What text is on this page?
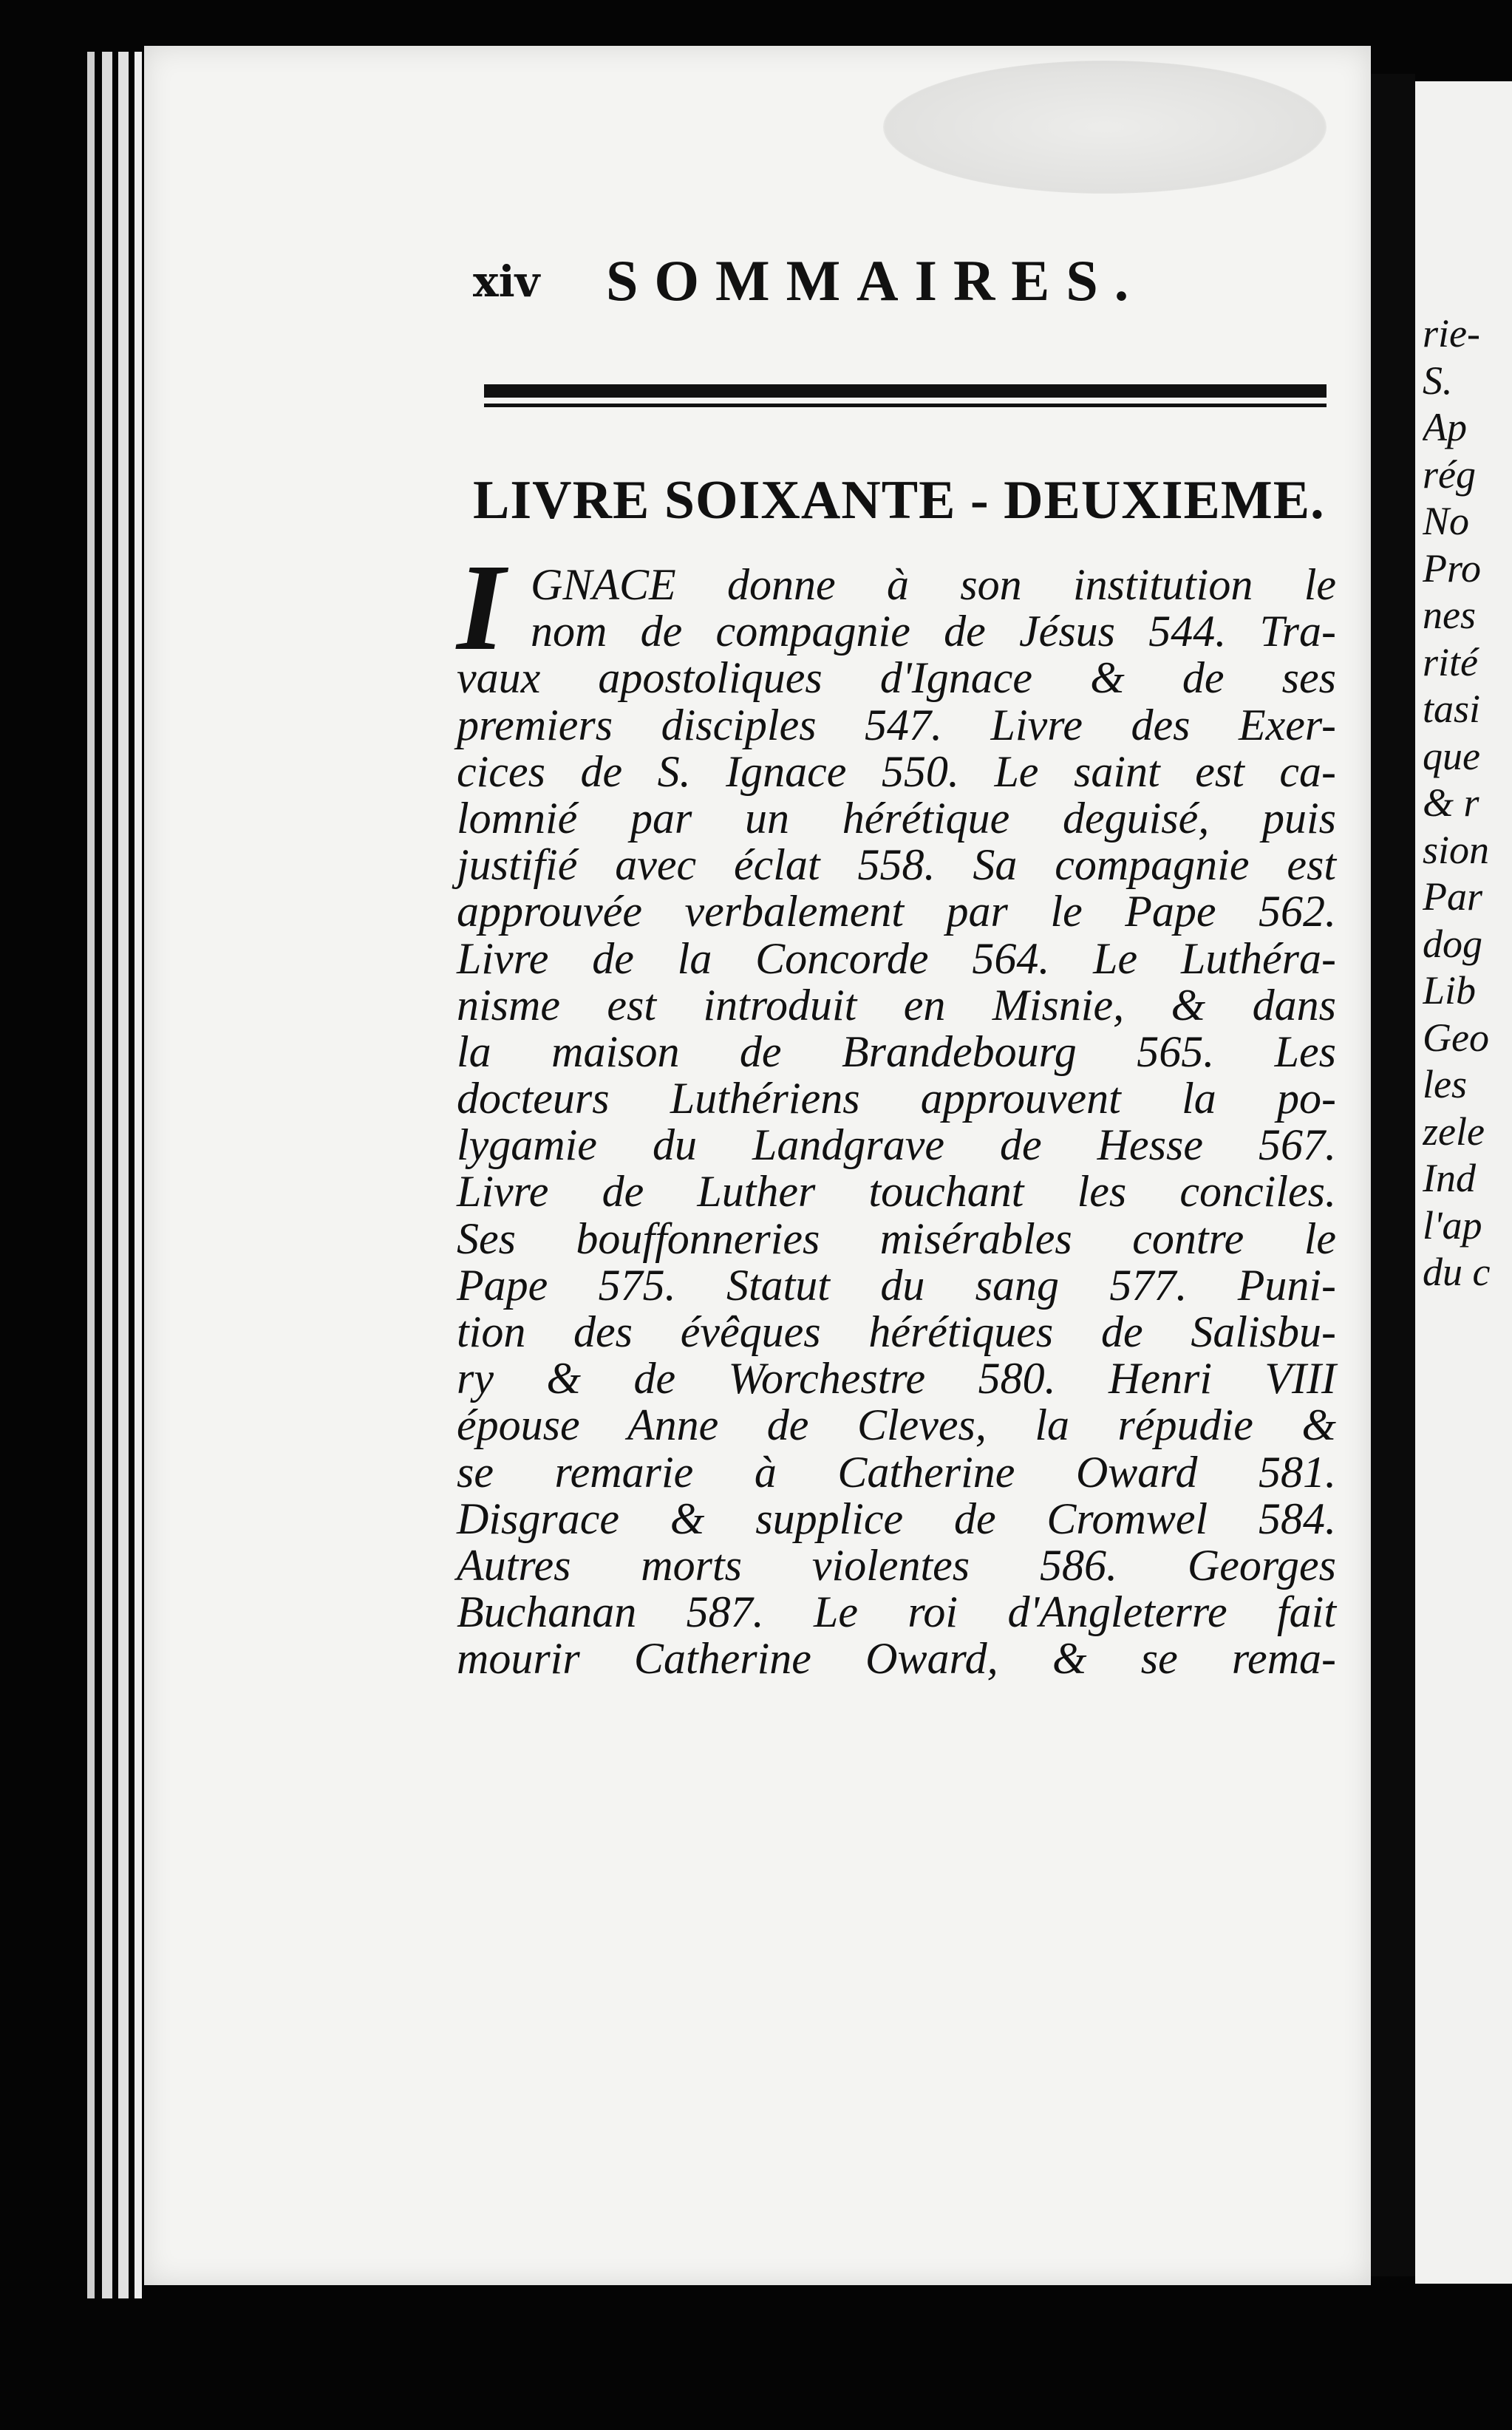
xiv SOMMAIRES.
LIVRE SOIXANTE - DEUXIEME.
I GNACE donne à son institution le
nom de compagnie de Jésus 544. Tra-
vaux apostoliques d'Ignace & de ses
premiers disciples 547. Livre des Exer-
cices de S. Ignace 550. Le saint est ca-
lomnié par un hérétique deguisé, puis
justifié avec éclat 558. Sa compagnie est
approuvée verbalement par le Pape 562.
Livre de la Concorde 564. Le Luthéra-
nisme est introduit en Misnie, & dans
la maison de Brandebourg 565. Les
docteurs Luthériens approuvent la po-
lygamie du Landgrave de Hesse 567.
Livre de Luther touchant les conciles.
Ses bouffonneries misérables contre le
Pape 575. Statut du sang 577. Puni-
tion des évêques hérétiques de Salisbu-
ry & de Worchestre 580. Henri VIII
épouse Anne de Cleves, la répudie &
se remarie à Catherine Oward 581.
Disgrace & supplice de Cromwel 584.
Autres morts violentes 586. Georges
Buchanan 587. Le roi d'Angleterre fait
mourir Catherine Oward, & se rema-
rie-
S.
Ap
rég
No
Pro
nes
rité
tasi
que
& r
sion
Par
dog
Lib
Geo
les
zele
Ind
l'ap
du c
